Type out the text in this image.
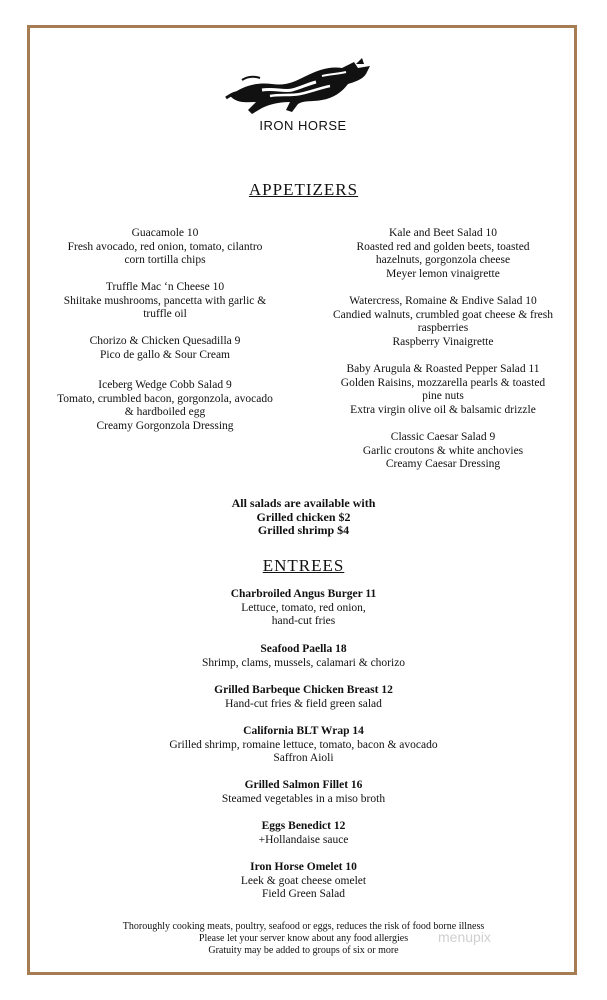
IRON HORSE
APPETIZERS
Guacamole 10
Fresh avocado, red onion, tomato, cilantro
corn tortilla chips
Truffle Mac ‘n Cheese 10
Shiitake mushrooms, pancetta with garlic &
truffle oil
Chorizo & Chicken Quesadilla 9
Pico de gallo & Sour Cream
Iceberg Wedge Cobb Salad 9
Tomato, crumbled bacon, gorgonzola, avocado
& hardboiled egg
Creamy Gorgonzola Dressing
Kale and Beet Salad 10
Roasted red and golden beets, toasted
hazelnuts, gorgonzola cheese
Meyer lemon vinaigrette
Watercress, Romaine & Endive Salad 10
Candied walnuts, crumbled goat cheese & fresh
raspberries
Raspberry Vinaigrette
Baby Arugula & Roasted Pepper Salad 11
Golden Raisins, mozzarella pearls & toasted
pine nuts
Extra virgin olive oil & balsamic drizzle
Classic Caesar Salad 9
Garlic croutons & white anchovies
Creamy Caesar Dressing
All salads are available with
Grilled chicken $2
Grilled shrimp $4
ENTREES
Charbroiled Angus Burger 11
Lettuce, tomato, red onion,
hand-cut fries
Seafood Paella 18
Shrimp, clams, mussels, calamari & chorizo
Grilled Barbeque Chicken Breast 12
Hand-cut fries & field green salad
California BLT Wrap 14
Grilled shrimp, romaine lettuce, tomato, bacon & avocado
Saffron Aioli
Grilled Salmon Fillet 16
Steamed vegetables in a miso broth
Eggs Benedict 12
+Hollandaise sauce
Iron Horse Omelet 10
Leek & goat cheese omelet
Field Green Salad
Thoroughly cooking meats, poultry, seafood or eggs, reduces the risk of food borne illness
Please let your server know about any food allergies
Gratuity may be added to groups of six or more
menupix
